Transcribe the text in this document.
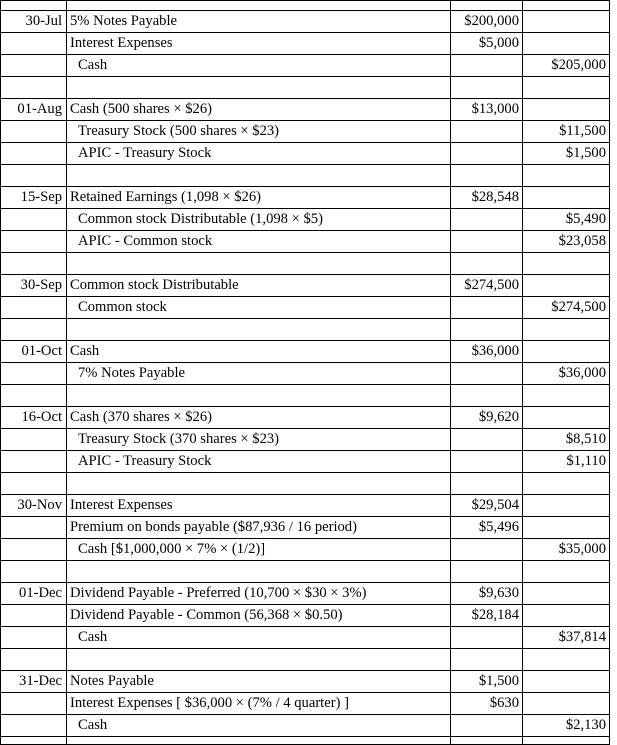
30-Jul	5% Notes Payable	$200,000	
	Interest Expenses	$5,000	
	Cash		$205,000

01-Aug	Cash (500 shares × $26)	$13,000	
	Treasury Stock (500 shares × $23)		$11,500
	APIC - Treasury Stock		$1,500

15-Sep	Retained Earnings (1,098 × $26)	$28,548	
	Common stock Distributable (1,098 × $5)		$5,490
	APIC - Common stock		$23,058

30-Sep	Common stock Distributable	$274,500	
	Common stock		$274,500

01-Oct	Cash	$36,000	
	7% Notes Payable		$36,000

16-Oct	Cash (370 shares × $26)	$9,620	
	Treasury Stock (370 shares × $23)		$8,510
	APIC - Treasury Stock		$1,110

30-Nov	Interest Expenses	$29,504	
	Premium on bonds payable ($87,936 / 16 period)	$5,496	
	Cash [$1,000,000 × 7% × (1/2)]		$35,000

01-Dec	Dividend Payable - Preferred (10,700 × $30 × 3%)	$9,630	
	Dividend Payable - Common (56,368 × $0.50)	$28,184	
	Cash		$37,814

31-Dec	Notes Payable	$1,500	
	Interest Expenses [ $36,000 × (7% / 4 quarter) ]	$630	
	Cash		$2,130
